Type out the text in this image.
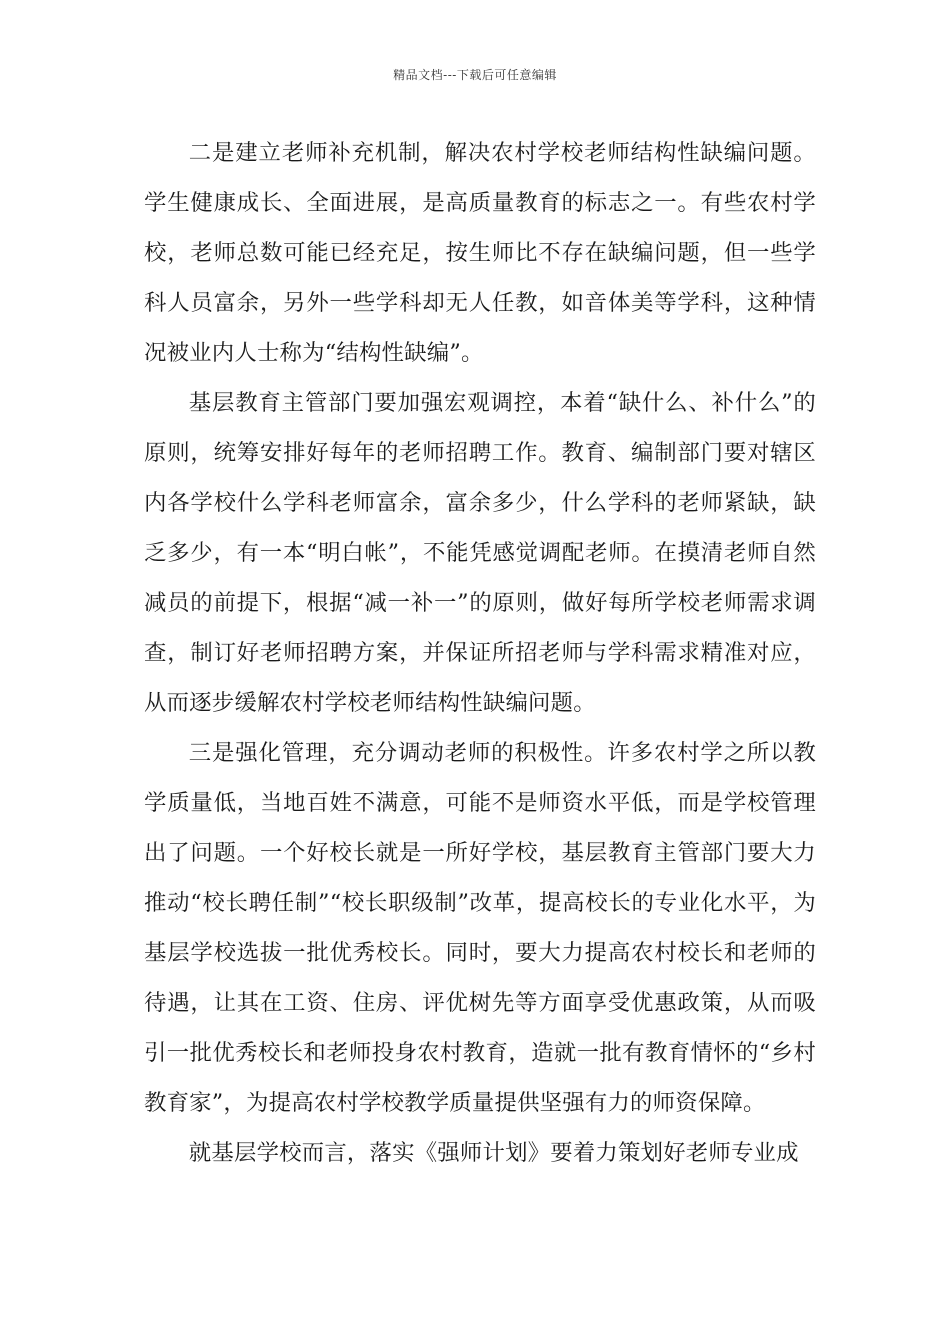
精品文档---下载后可任意编辑

二是建立老师补充机制，解决农村学校老师结构性缺编问题。学生健康成长、全面进展，是高质量教育的标志之一。有些农村学校，老师总数可能已经充足，按生师比不存在缺编问题，但一些学科人员富余，另外一些学科却无人任教，如音体美等学科，这种情况被业内人士称为“结构性缺编”。

基层教育主管部门要加强宏观调控，本着“缺什么、补什么”的原则，统筹安排好每年的老师招聘工作。教育、编制部门要对辖区内各学校什么学科老师富余，富余多少，什么学科的老师紧缺，缺乏多少，有一本“明白帐”，不能凭感觉调配老师。在摸清老师自然减员的前提下，根据“减一补一”的原则，做好每所学校老师需求调查，制订好老师招聘方案，并保证所招老师与学科需求精准对应，从而逐步缓解农村学校老师结构性缺编问题。

三是强化管理，充分调动老师的积极性。许多农村学之所以教学质量低，当地百姓不满意，可能不是师资水平低，而是学校管理出了问题。一个好校长就是一所好学校，基层教育主管部门要大力推动“校长聘任制”“校长职级制”改革，提高校长的专业化水平，为基层学校选拔一批优秀校长。同时，要大力提高农村校长和老师的待遇，让其在工资、住房、评优树先等方面享受优惠政策，从而吸引一批优秀校长和老师投身农村教育，造就一批有教育情怀的“乡村教育家”，为提高农村学校教学质量提供坚强有力的师资保障。

就基层学校而言，落实《强师计划》要着力策划好老师专业成
